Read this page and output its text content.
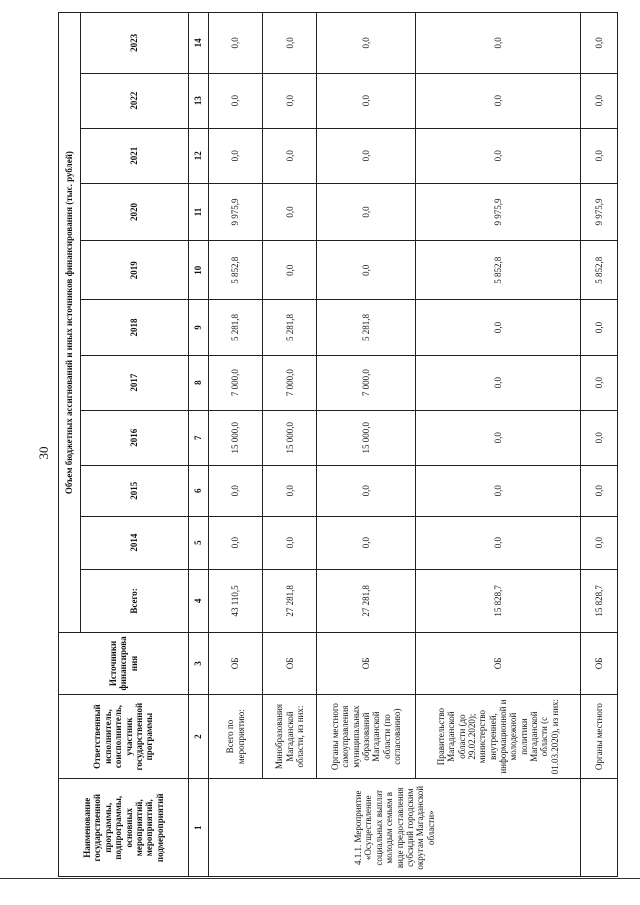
30
Наименование государственной программы, подпрограммы, основных мероприятий, мероприятий, подмероприятий	Ответственный исполнитель, соисполнитель, участник государственной программы	Источники финансирова ния	Объем бюджетных ассигнований и иных источников финансирования (тыс. рублей)										
			Всего:	2014	2015	2016	2017	2018	2019	2020	2021	2022	2023
1	2	3	4	5	6	7	8	9	10	11	12	13	14
4.1.1. Мероприятие «Осуществление социальных выплат молодым семьям в виде предоставления субсидий городским округам Магаданской области»	Всего по мероприятию:	ОБ	43 110,5	0,0	0,0	15 000,0	7 000,0	5 281,8	5 852,8	9 975,9	0,0	0,0	0,0
	Минобразования Магаданской области, из них:	ОБ	27 281,8	0,0	0,0	15 000,0	7 000,0	5 281,8	0,0	0,0	0,0	0,0	0,0
	Органы местного самоуправления муниципальных образований Магаданской области (по согласованию)	ОБ	27 281,8	0,0	0,0	15 000,0	7 000,0	5 281,8	0,0	0,0	0,0	0,0	0,0
	Правительство Магаданской области (до 29.02.2020); министерство внутренней, информационной и молодежной политики Магаданской области (с 01.03.2020), из них:	ОБ	15 828,7	0,0	0,0	0,0	0,0	0,0	5 852,8	9 975,9	0,0	0,0	0,0
	Органы местного	ОБ	15 828,7	0,0	0,0	0,0	0,0	0,0	5 852,8	9 975,9	0,0	0,0	0,0
